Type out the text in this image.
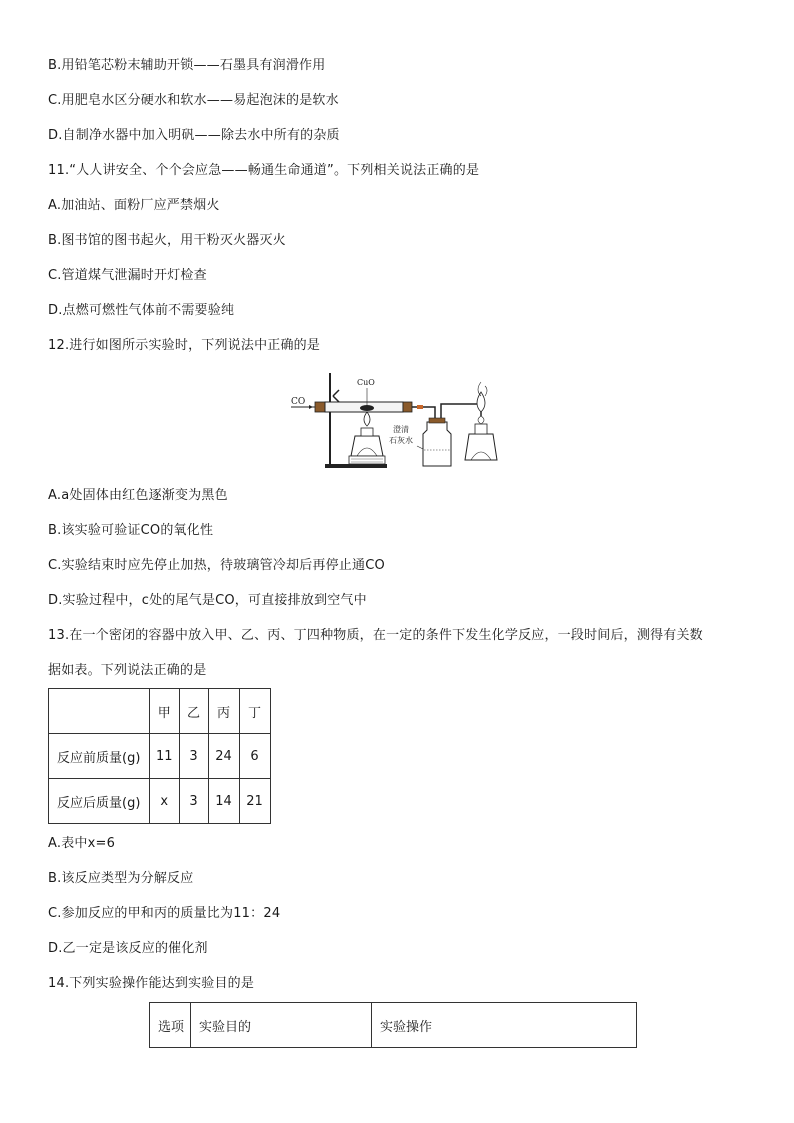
B.用铅笔芯粉末辅助开锁——石墨具有润滑作用
C.用肥皂水区分硬水和软水——易起泡沫的是软水
D.自制净水器中加入明矾——除去水中所有的杂质
11.“人人讲安全、个个会应急——畅通生命通道”。下列相关说法正确的是
A.加油站、面粉厂应严禁烟火
B.图书馆的图书起火，用干粉灭火器灭火
C.管道煤气泄漏时开灯检查
D.点燃可燃性气体前不需要验纯
12.进行如图所示实验时，下列说法中正确的是
CO
CuO
澄清
石灰水
A.a处固体由红色逐渐变为黑色
B.该实验可验证CO的氧化性
C.实验结束时应先停止加热，待玻璃管冷却后再停止通CO
D.实验过程中，c处的尾气是CO，可直接排放到空气中
13.在一个密闭的容器中放入甲、乙、丙、丁四种物质，在一定的条件下发生化学反应，一段时间后，测得有关数
据如表。下列说法正确的是
	甲	乙	丙	丁
反应前质量(g)	11	3	24	6
反应后质量(g)	x	3	14	21
A.表中x=6
B.该反应类型为分解反应
C.参加反应的甲和丙的质量比为11：24
D.乙一定是该反应的催化剂
14.下列实验操作能达到实验目的是
选项	实验目的	实验操作
